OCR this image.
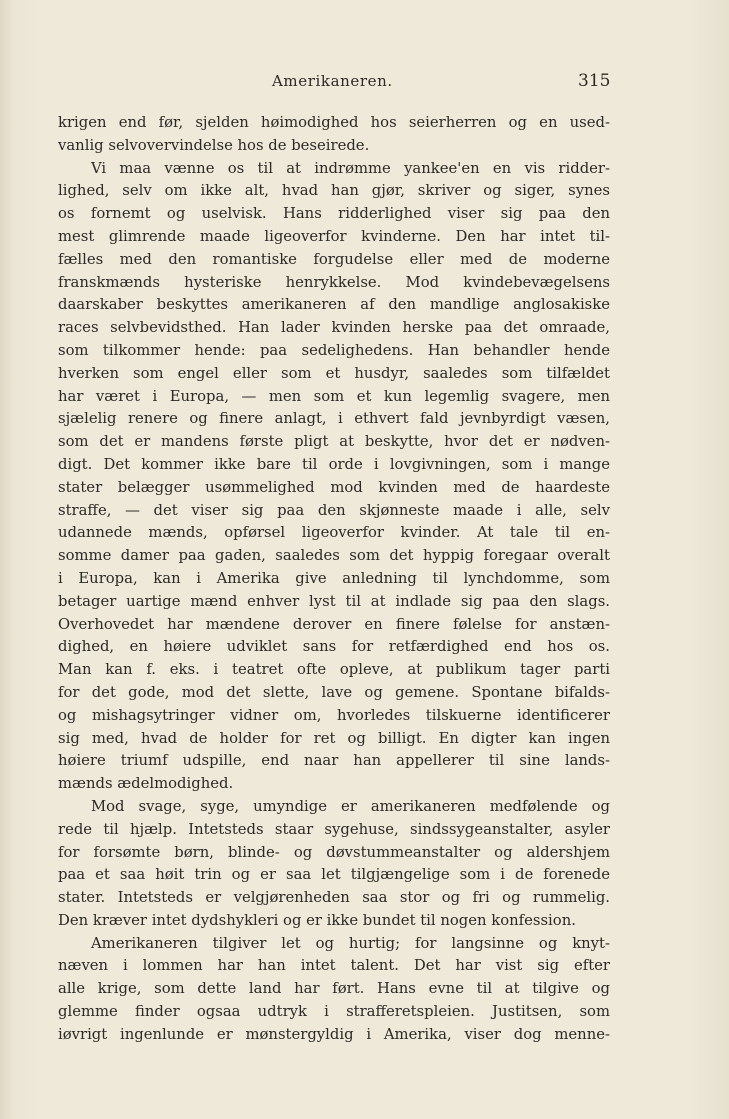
Amerikaneren.	315
krigen end før, sjelden høimodighed hos seierherren og en used-
vanlig selvovervindelse hos de beseirede.
Vi maa vænne os til at indrømme yankee'en en vis ridder-
lighed, selv om ikke alt, hvad han gjør, skriver og siger, synes
os fornemt og uselvisk. Hans ridderlighed viser sig paa den
mest glimrende maade ligeoverfor kvinderne. Den har intet til-
fælles med den romantiske forgudelse eller med de moderne
franskmænds hysteriske henrykkelse. Mod kvindebevægelsens
daarskaber beskyttes amerikaneren af den mandlige anglosakiske
races selvbevidsthed. Han lader kvinden herske paa det omraade,
som tilkommer hende: paa sedelighedens. Han behandler hende
hverken som engel eller som et husdyr, saaledes som tilfældet
har været i Europa, — men som et kun legemlig svagere, men
sjælelig renere og finere anlagt, i ethvert fald jevnbyrdigt væsen,
som det er mandens første pligt at beskytte, hvor det er nødven-
digt. Det kommer ikke bare til orde i lovgivningen, som i mange
stater belægger usømmelighed mod kvinden med de haardeste
straffe, — det viser sig paa den skjønneste maade i alle, selv
udannede mænds, opførsel ligeoverfor kvinder. At tale til en-
somme damer paa gaden, saaledes som det hyppig foregaar overalt
i Europa, kan i Amerika give anledning til lynchdomme, som
betager uartige mænd enhver lyst til at indlade sig paa den slags.
Overhovedet har mændene derover en finere følelse for anstæn-
dighed, en høiere udviklet sans for retfærdighed end hos os.
Man kan f. eks. i teatret ofte opleve, at publikum tager parti
for det gode, mod det slette, lave og gemene. Spontane bifalds-
og mishagsytringer vidner om, hvorledes tilskuerne identificerer
sig med, hvad de holder for ret og billigt. En digter kan ingen
høiere triumf udspille, end naar han appellerer til sine lands-
mænds ædelmodighed.
Mod svage, syge, umyndige er amerikaneren medfølende og
rede til hjælp. Intetsteds staar sygehuse, sindssygeanstalter, asyler
for forsømte børn, blinde- og døvstummeanstalter og aldershjem
paa et saa høit trin og er saa let tilgjængelige som i de forenede
stater. Intetsteds er velgjørenheden saa stor og fri og rummelig.
Den kræver intet dydshykleri og er ikke bundet til nogen konfession.
Amerikaneren tilgiver let og hurtig; for langsinne og knyt-
næven i lommen har han intet talent. Det har vist sig efter
alle krige, som dette land har ført. Hans evne til at tilgive og
glemme finder ogsaa udtryk i strafferetspleien. Justitsen, som
iøvrigt ingenlunde er mønstergyldig i Amerika, viser dog menne-
